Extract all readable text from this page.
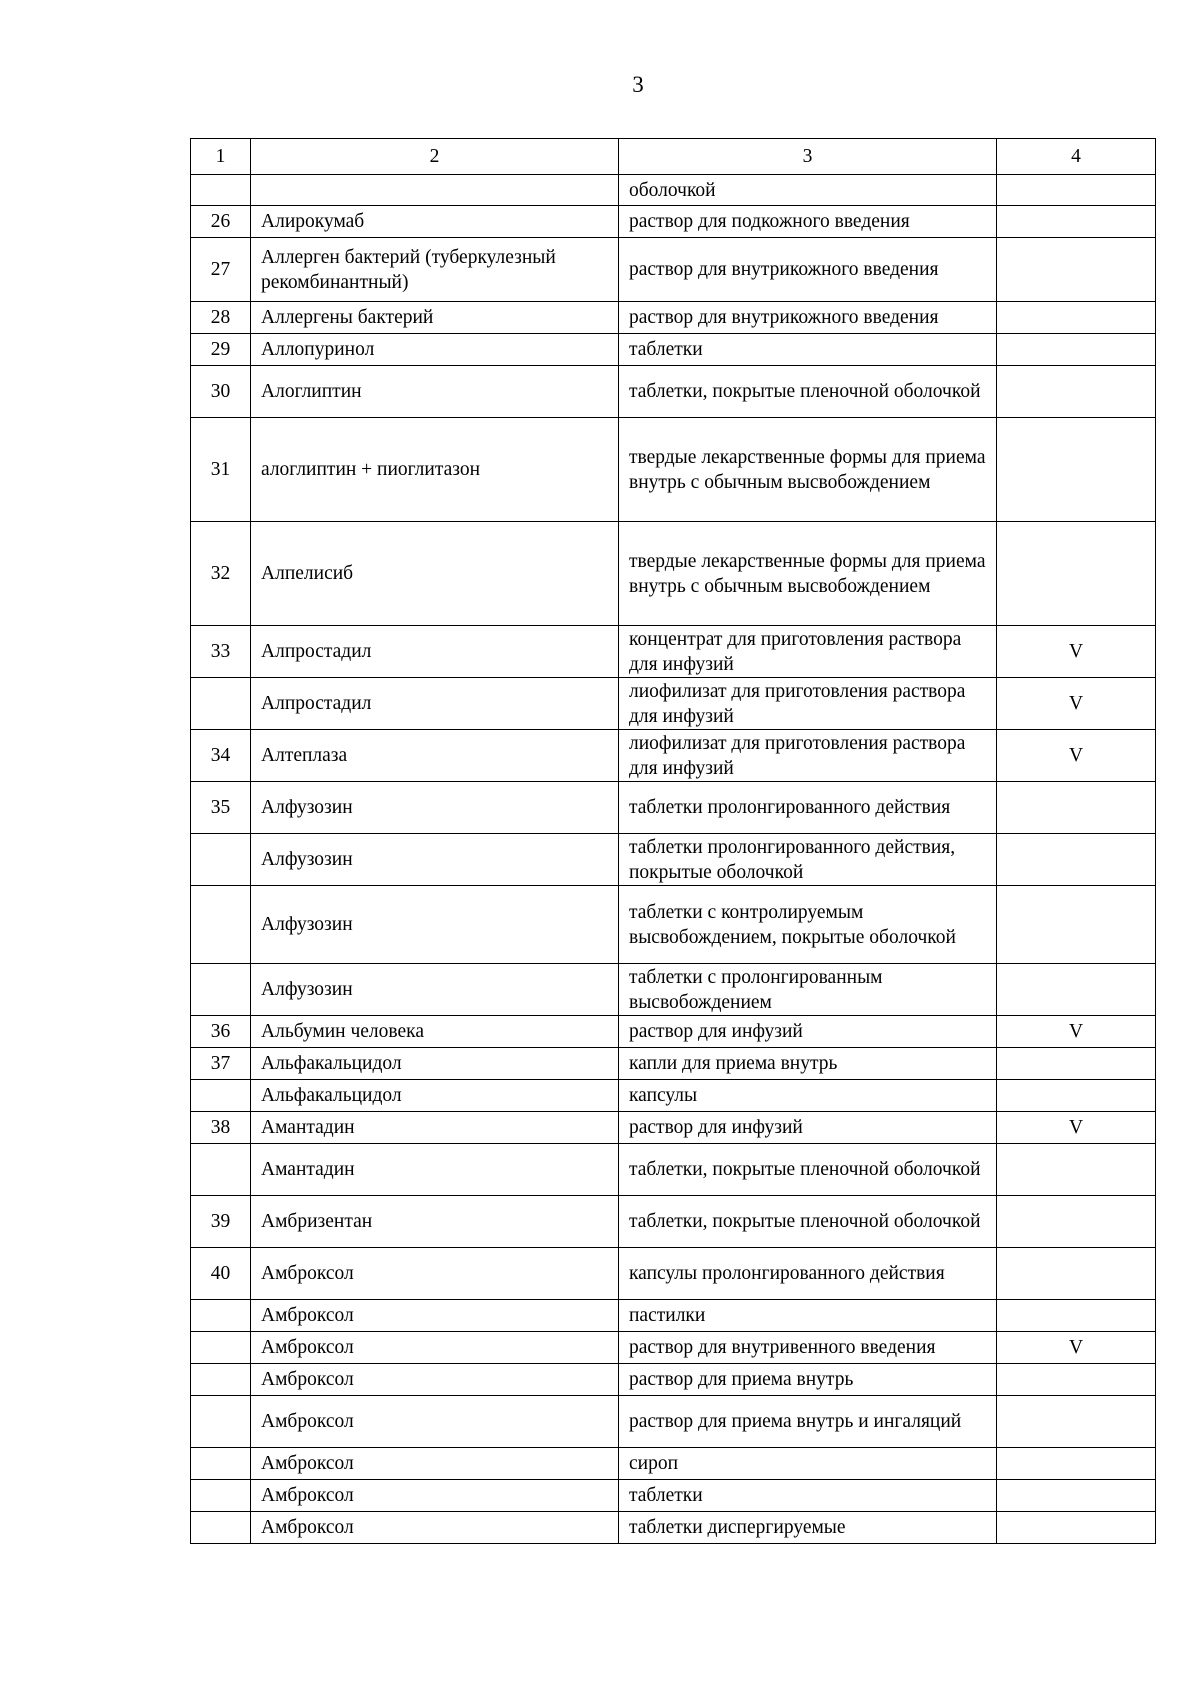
3
1	2	3	4
		оболочкой	
26	Алирокумаб	раствор для подкожного введения	
27	Аллерген бактерий (туберкулезный рекомбинантный)	раствор для внутрикожного введения	
28	Аллергены бактерий	раствор для внутрикожного введения	
29	Аллопуринол	таблетки	
30	Алоглиптин	таблетки, покрытые пленочной оболочкой	
31	алоглиптин + пиоглитазон	твердые лекарственные формы для приема внутрь с обычным высвобождением	
32	Алпелисиб	твердые лекарственные формы для приема внутрь с обычным высвобождением	
33	Алпростадил	концентрат для приготовления раствора для инфузий	V
	Алпростадил	лиофилизат для приготовления раствора для инфузий	V
34	Алтеплаза	лиофилизат для приготовления раствора для инфузий	V
35	Алфузозин	таблетки пролонгированного действия	
	Алфузозин	таблетки пролонгированного действия, покрытые оболочкой	
	Алфузозин	таблетки с контролируемым высвобождением, покрытые оболочкой	
	Алфузозин	таблетки с пролонгированным высвобождением	
36	Альбумин человека	раствор для инфузий	V
37	Альфакальцидол	капли для приема внутрь	
	Альфакальцидол	капсулы	
38	Амантадин	раствор для инфузий	V
	Амантадин	таблетки, покрытые пленочной оболочкой	
39	Амбризентан	таблетки, покрытые пленочной оболочкой	
40	Амброксол	капсулы пролонгированного действия	
	Амброксол	пастилки	
	Амброксол	раствор для внутривенного введения	V
	Амброксол	раствор для приема внутрь	
	Амброксол	раствор для приема внутрь и ингаляций	
	Амброксол	сироп	
	Амброксол	таблетки	
	Амброксол	таблетки диспергируемые	
